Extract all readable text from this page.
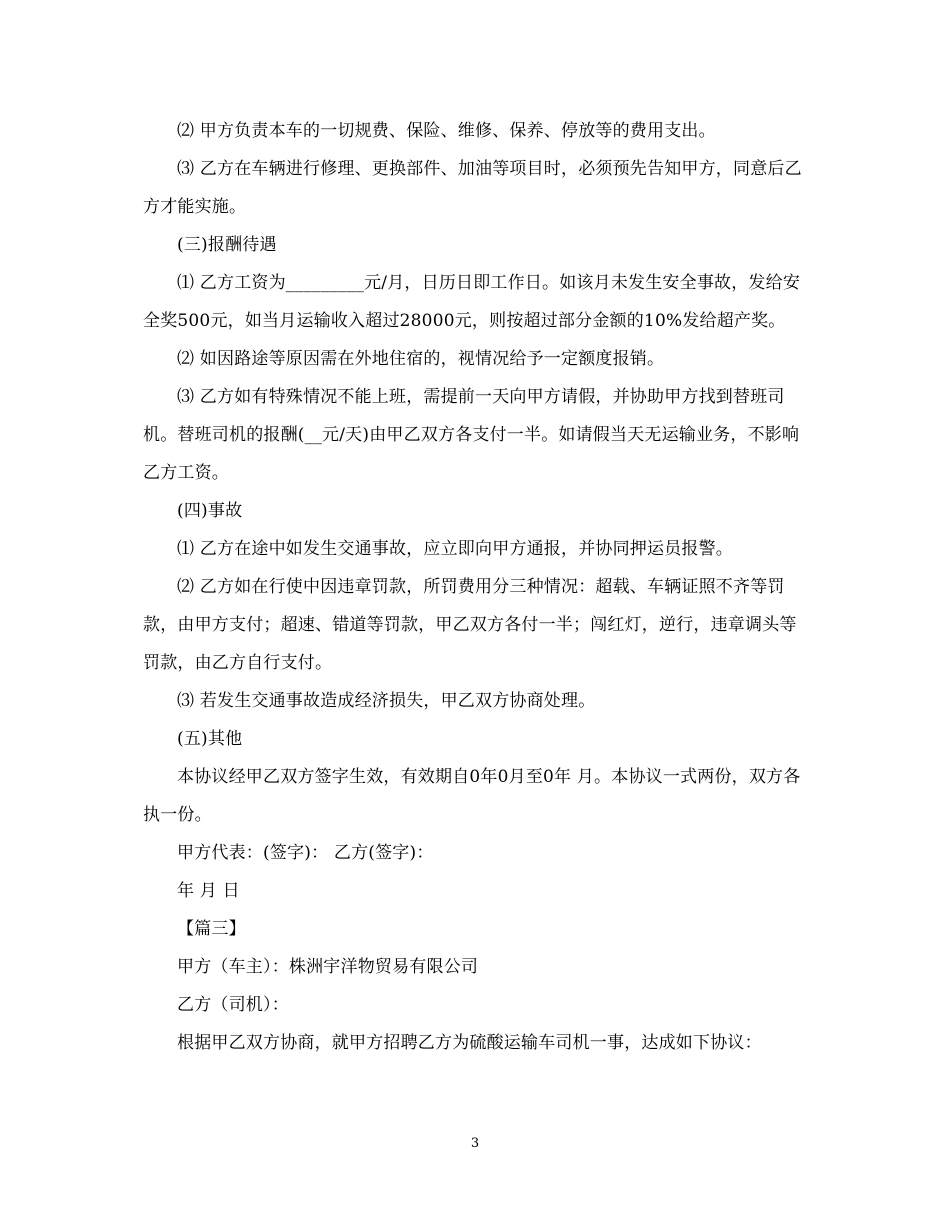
⑵ 甲方负责本车的一切规费、保险、维修、保养、停放等的费用支出。

⑶ 乙方在车辆进行修理、更换部件、加油等项目时，必须预先告知甲方，同意后乙方才能实施。

(三)报酬待遇

⑴ 乙方工资为_________元/月，日历日即工作日。如该月未发生安全事故，发给安全奖500元，如当月运输收入超过28000元，则按超过部分金额的10%发给超产奖。

⑵ 如因路途等原因需在外地住宿的，视情况给予一定额度报销。

⑶ 乙方如有特殊情况不能上班，需提前一天向甲方请假，并协助甲方找到替班司机。替班司机的报酬(__元/天)由甲乙双方各支付一半。如请假当天无运输业务，不影响乙方工资。

(四)事故

⑴ 乙方在途中如发生交通事故，应立即向甲方通报，并协同押运员报警。

⑵ 乙方如在行使中因违章罚款，所罚费用分三种情况：超载、车辆证照不齐等罚款，由甲方支付；超速、错道等罚款，甲乙双方各付一半；闯红灯，逆行，违章调头等罚款，由乙方自行支付。

⑶ 若发生交通事故造成经济损失，甲乙双方协商处理。

(五)其他

本协议经甲乙双方签字生效，有效期自0年0月至0年 月。本协议一式两份，双方各执一份。

甲方代表：(签字)： 乙方(签字)：

年 月 日

【篇三】

甲方（车主）：株洲宇洋物贸易有限公司

乙方（司机）：

根据甲乙双方协商，就甲方招聘乙方为硫酸运输车司机一事，达成如下协议：

3
